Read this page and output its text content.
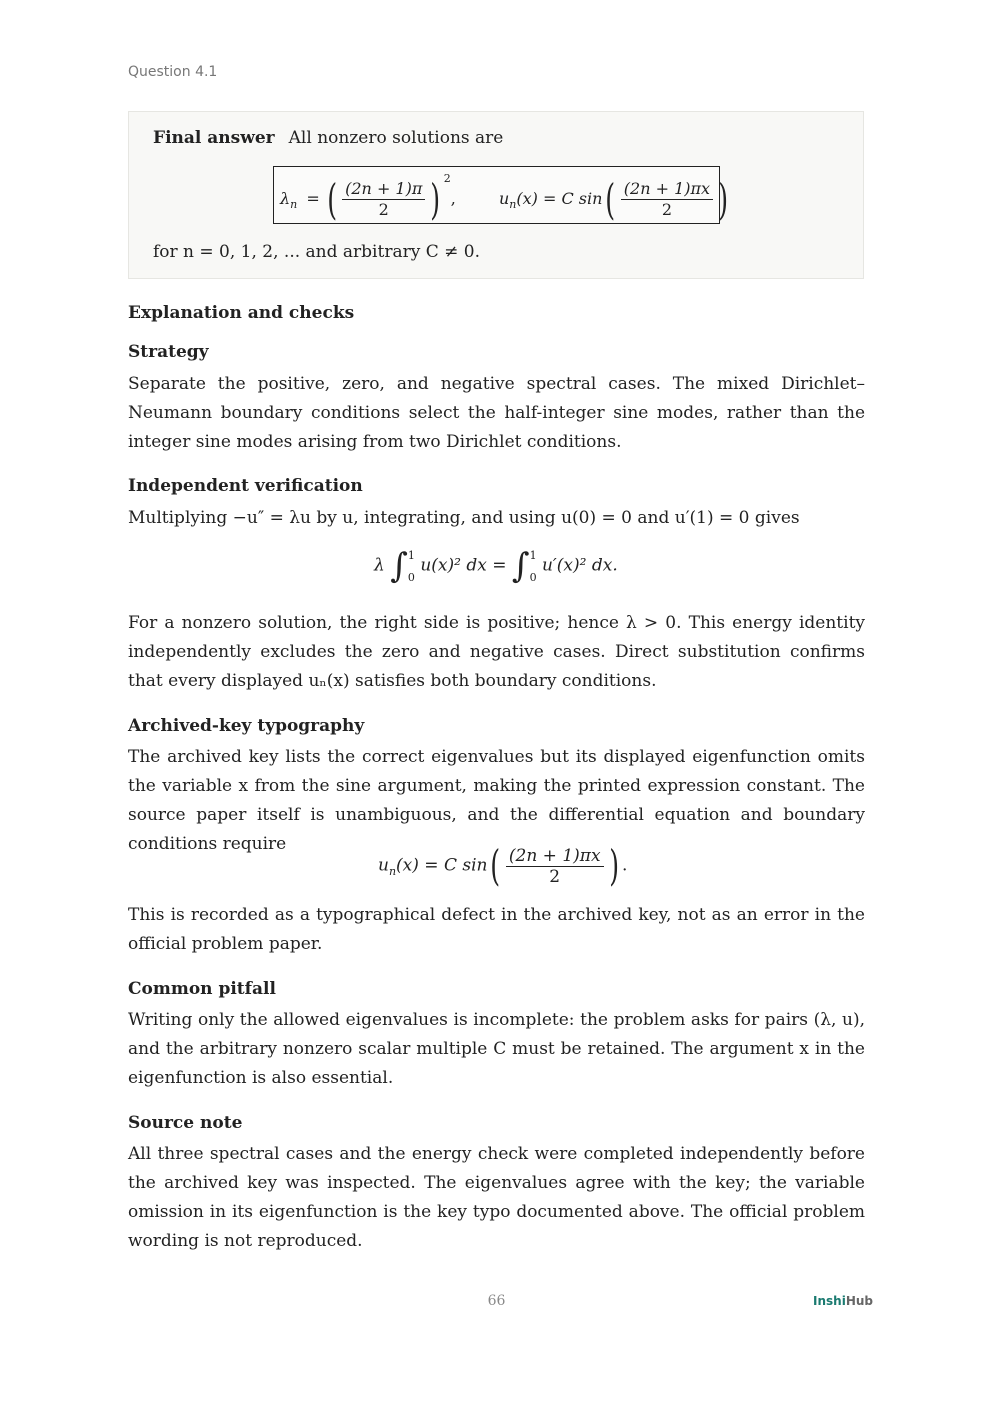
Question 4.1
Final answer All nonzero solutions are
$\lambda_n$ = ( $\frac{(2n + 1)\pi}{2}$ ) $^2$,	$u_n(x) = C$ $\sin( \frac{(2n + 1)\pi x}{2}$ )
for n = 0, 1, 2, ... and arbitrary C ≠ 0.
Explanation and checks
Strategy

Separate the positive, zero, and negative spectral cases. The mixed Dirichlet–Neumann boundary conditions select the half-integer sine modes, rather than the integer sine modes arising from two Dirichlet conditions.

Independent verification

Multiplying −u″ = λu by u, integrating, and using u(0) = 0 and u′(1) = 0 gives

λ ∫1

0 u(x)² dx = ∫1

0 u′(x)² dx.

For a nonzero solution, the right side is positive; hence λ > 0. This energy identity independently excludes the zero and negative cases. Direct substitution confirms that every displayed uₙ(x) satisfies both boundary conditions.

Archived-key typography

The archived key lists the correct eigenvalues but its displayed eigenfunction omits the variable x from the sine argument, making the printed expression constant. The source paper itself is unambiguous, and the differential equation and boundary conditions require

$u_n(x) = C$ $\sin( \frac{(2n + 1)\pi x}{2}$ ) .

This is recorded as a typographical defect in the archived key, not as an error in the official problem paper.

Common pitfall

Writing only the allowed eigenvalues is incomplete: the problem asks for pairs (λ, u), and the arbitrary nonzero scalar multiple C must be retained. The argument x in the eigenfunction is also essential.

Source note

All three spectral cases and the energy check were completed independently before the archived key was inspected. The eigenvalues agree with the key; the variable omission in its eigenfunction is the key typo documented above. The official problem wording is not reproduced.

66	InshiHub
